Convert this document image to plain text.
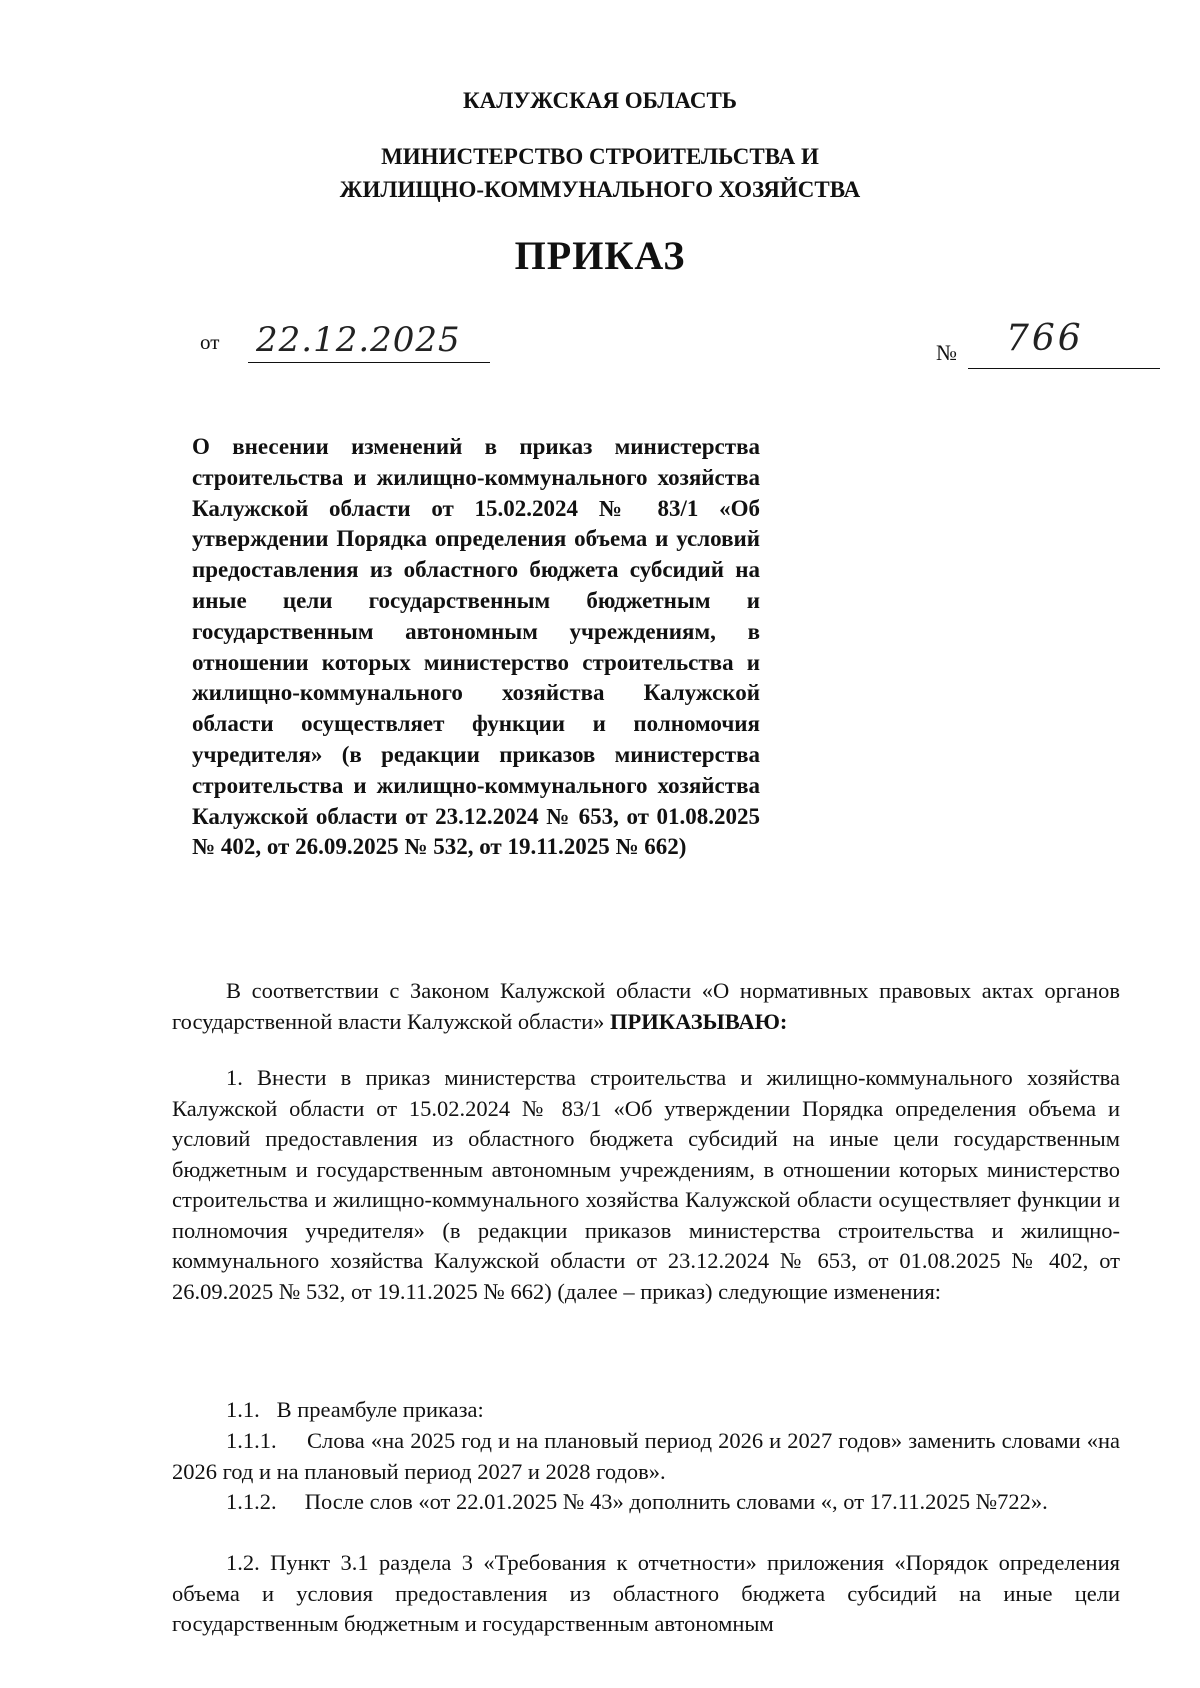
КАЛУЖСКАЯ ОБЛАСТЬ
МИНИСТЕРСТВО СТРОИТЕЛЬСТВА И
ЖИЛИЩНО-КОММУНАЛЬНОГО ХОЗЯЙСТВА
ПРИКАЗ
от 22.12.2025	№ 766

О внесении изменений в приказ министерства строительства и жилищно-коммунального хозяйства Калужской области от 15.02.2024 № 83/1 «Об утверждении Порядка определения объема и условий предоставления из областного бюджета субсидий на иные цели государственным бюджетным и государственным автономным учреждениям, в отношении которых министерство строительства и жилищно-коммунального хозяйства Калужской области осуществляет функции и полномочия учредителя» (в редакции приказов министерства строительства и жилищно-коммунального хозяйства Калужской области от 23.12.2024 № 653, от 01.08.2025 № 402, от 26.09.2025 № 532, от 19.11.2025 № 662)

В соответствии с Законом Калужской области «О нормативных правовых актах органов государственной власти Калужской области» ПРИКАЗЫВАЮ:

1. Внести в приказ министерства строительства и жилищно-коммунального хозяйства Калужской области от 15.02.2024 № 83/1 «Об утверждении Порядка определения объема и условий предоставления из областного бюджета субсидий на иные цели государственным бюджетным и государственным автономным учреждениям, в отношении которых министерство строительства и жилищно-коммунального хозяйства Калужской области осуществляет функции и полномочия учредителя» (в редакции приказов министерства строительства и жилищно-коммунального хозяйства Калужской области от 23.12.2024 № 653, от 01.08.2025 № 402, от 26.09.2025 № 532, от 19.11.2025 № 662) (далее – приказ) следующие изменения:

1.1. В преамбуле приказа:

1.1.1. Слова «на 2025 год и на плановый период 2026 и 2027 годов» заменить словами «на 2026 год и на плановый период 2027 и 2028 годов».

1.1.2. После слов «от 22.01.2025 № 43» дополнить словами «, от 17.11.2025 №722».

1.2. Пункт 3.1 раздела 3 «Требования к отчетности» приложения «Порядок определения объема и условия предоставления из областного бюджета субсидий на иные цели государственным бюджетным и государственным автономным
